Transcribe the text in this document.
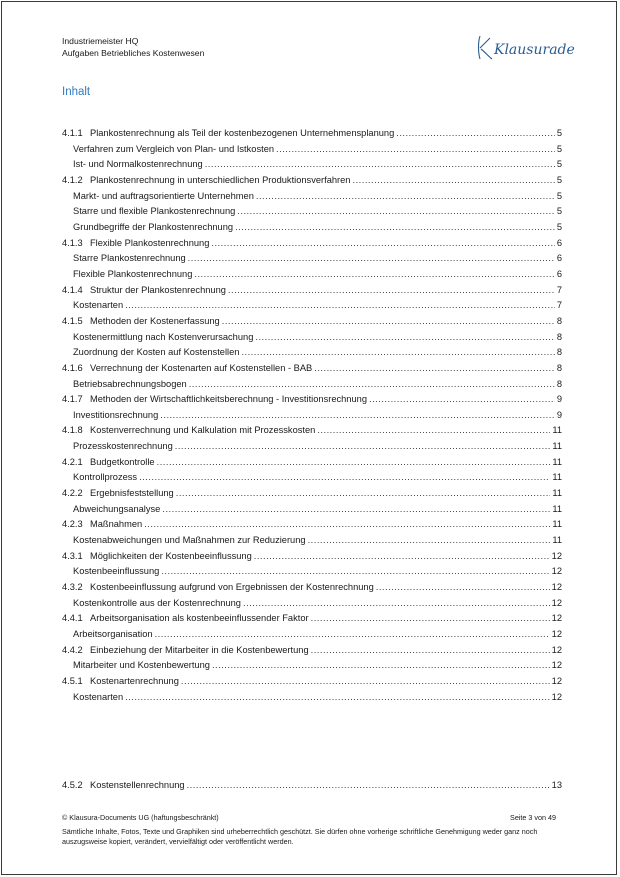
Industriemeister HQ
Aufgaben Betriebliches Kostenwesen	Klausurade
Inhalt
4.1.1 Plankostenrechnung als Teil der kostenbezogenen Unternehmensplanung .....	5
Verfahren zum Vergleich von Plan- und Istkosten .....	5
Ist- und Normalkostenrechnung .....	5
4.1.2 Plankostenrechnung in unterschiedlichen Produktionsverfahren .....	5
Markt- und auftragsorientierte Unternehmen .....	5
Starre und flexible Plankostenrechnung .....	5
Grundbegriffe der Plankostenrechnung .....	5
4.1.3 Flexible Plankostenrechnung .....	6
Starre Plankostenrechnung .....	6
Flexible Plankostenrechnung .....	6
4.1.4 Struktur der Plankostenrechnung .....	7
Kostenarten .....	7
4.1.5 Methoden der Kostenerfassung .....	8
Kostenermittlung nach Kostenverursachung .....	8
Zuordnung der Kosten auf Kostenstellen .....	8
4.1.6 Verrechnung der Kostenarten auf Kostenstellen - BAB .....	8
Betriebsabrechnungsbogen .....	8
4.1.7 Methoden der Wirtschaftlichkeitsberechnung - Investitionsrechnung .....	9
Investitionsrechnung .....	9
4.1.8 Kostenverrechnung und Kalkulation mit Prozesskosten .....	11
Prozesskostenrechnung .....	11
4.2.1 Budgetkontrolle .....	11
Kontrollprozess .....	11
4.2.2 Ergebnisfeststellung .....	11
Abweichungsanalyse .....	11
4.2.3 Maßnahmen .....	11
Kostenabweichungen und Maßnahmen zur Reduzierung .....	11
4.3.1 Möglichkeiten der Kostenbeeinflussung .....	12
Kostenbeeinflussung .....	12
4.3.2 Kostenbeeinflussung aufgrund von Ergebnissen der Kostenrechnung .....	12
Kostenkontrolle aus der Kostenrechnung .....	12
4.4.1 Arbeitsorganisation als kostenbeeinflussender Faktor .....	12
Arbeitsorganisation .....	12
4.4.2 Einbeziehung der Mitarbeiter in die Kostenbewertung .....	12
Mitarbeiter und Kostenbewertung .....	12
4.5.1 Kostenartenrechnung .....	12
Kostenarten .....	12
4.5.2 Kostenstellenrechnung .....	13
© Klausura-Documents UG (haftungsbeschränkt)	Seite 3 von 49
Sämtliche Inhalte, Fotos, Texte und Graphiken sind urheberrechtlich geschützt. Sie dürfen ohne vorherige schriftliche Genehmigung weder ganz noch auszugsweise kopiert, verändert, vervielfältigt oder veröffentlicht werden.
